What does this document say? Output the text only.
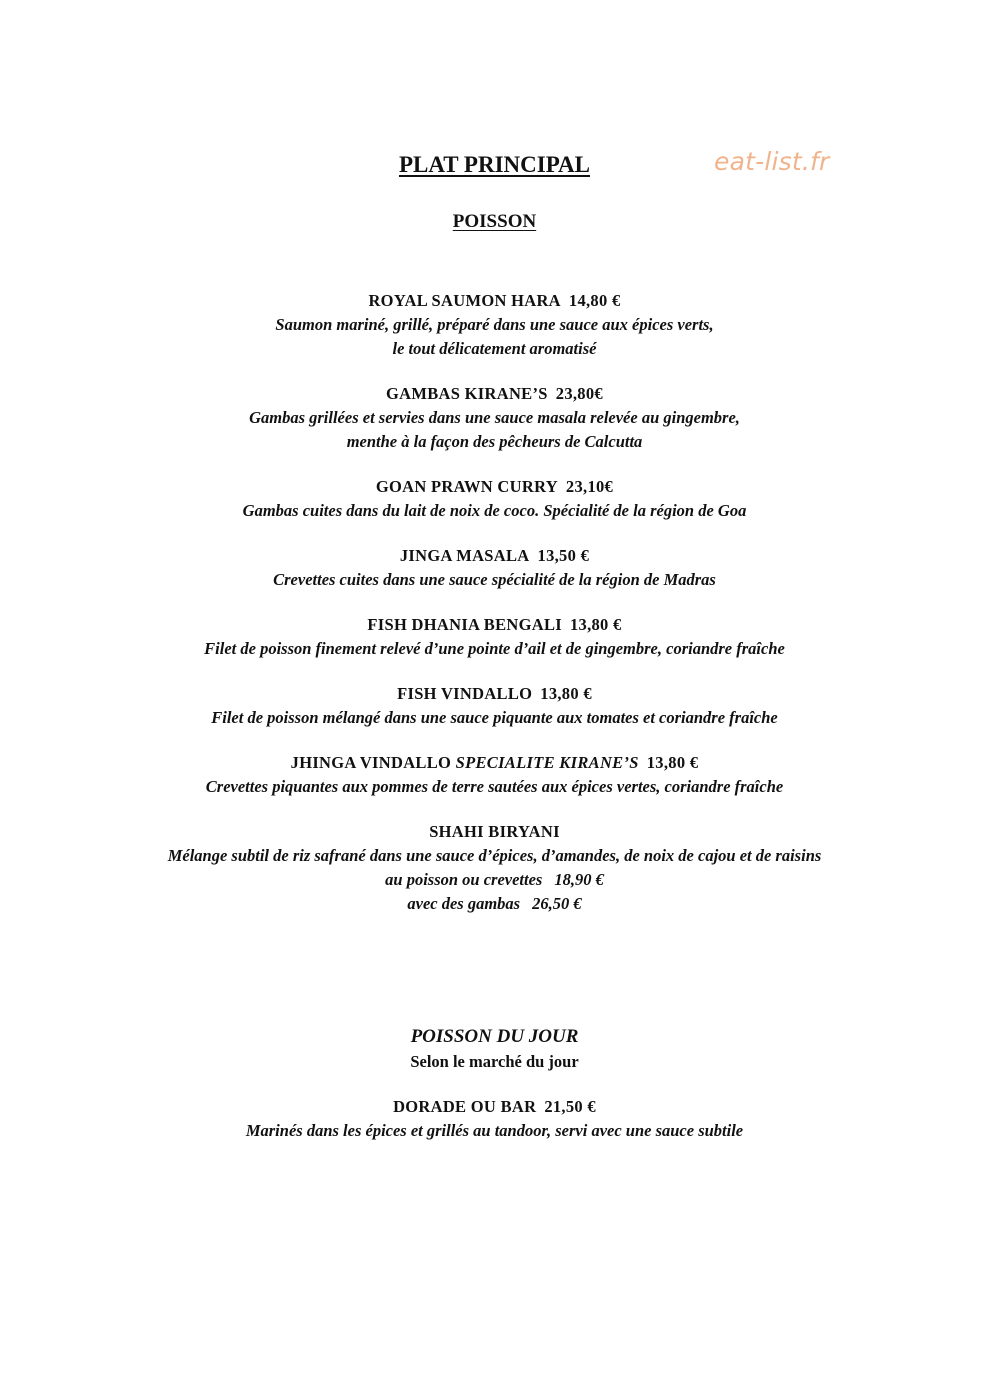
PLAT PRINCIPAL	eat-list.fr
POISSON
ROYAL SAUMON HARA 14,80 €
Saumon mariné, grillé, préparé dans une sauce aux épices verts,
le tout délicatement aromatisé
GAMBAS KIRANE’S 23,80€
Gambas grillées et servies dans une sauce masala relevée au gingembre,
menthe à la façon des pêcheurs de Calcutta
GOAN PRAWN CURRY 23,10€
Gambas cuites dans du lait de noix de coco. Spécialité de la région de Goa
JINGA MASALA 13,50 €
Crevettes cuites dans une sauce spécialité de la région de Madras
FISH DHANIA BENGALI 13,80 €
Filet de poisson finement relevé d’une pointe d’ail et de gingembre, coriandre fraîche
FISH VINDALLO 13,80 €
Filet de poisson mélangé dans une sauce piquante aux tomates et coriandre fraîche
JHINGA VINDALLO SPECIALITE KIRANE’S 13,80 €
Crevettes piquantes aux pommes de terre sautées aux épices vertes, coriandre fraîche
SHAHI BIRYANI
Mélange subtil de riz safrané dans une sauce d’épices, d’amandes, de noix de cajou et de raisins
au poisson ou crevettes 18,90 €
avec des gambas 26,50 €
POISSON DU JOUR
Selon le marché du jour
DORADE OU BAR 21,50 €
Marinés dans les épices et grillés au tandoor, servi avec une sauce subtile
